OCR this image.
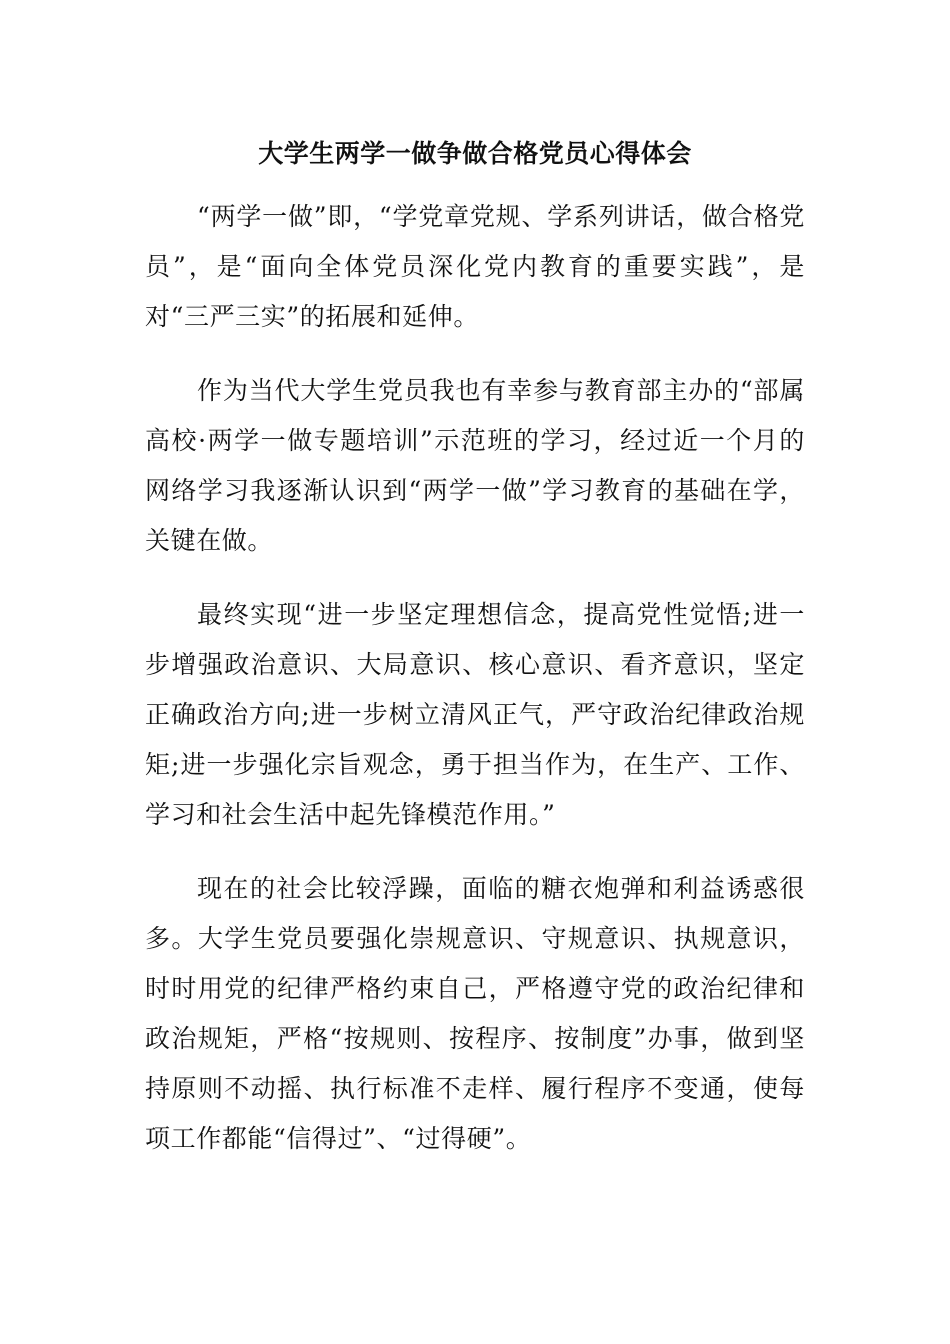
大学生两学一做争做合格党员心得体会

“两学一做”即，“学党章党规、学系列讲话，做合格党员”，是“面向全体党员深化党内教育的重要实践”，是对“三严三实”的拓展和延伸。

作为当代大学生党员我也有幸参与教育部主办的“部属高校·两学一做专题培训”示范班的学习，经过近一个月的网络学习我逐渐认识到“两学一做”学习教育的基础在学，关键在做。

最终实现“进一步坚定理想信念，提高党性觉悟;进一步增强政治意识、大局意识、核心意识、看齐意识，坚定正确政治方向;进一步树立清风正气，严守政治纪律政治规矩;进一步强化宗旨观念，勇于担当作为，在生产、工作、学习和社会生活中起先锋模范作用。”

现在的社会比较浮躁，面临的糖衣炮弹和利益诱惑很多。大学生党员要强化崇规意识、守规意识、执规意识，时时用党的纪律严格约束自己，严格遵守党的政治纪律和政治规矩，严格“按规则、按程序、按制度”办事，做到坚持原则不动摇、执行标准不走样、履行程序不变通，使每项工作都能“信得过”、“过得硬”。
